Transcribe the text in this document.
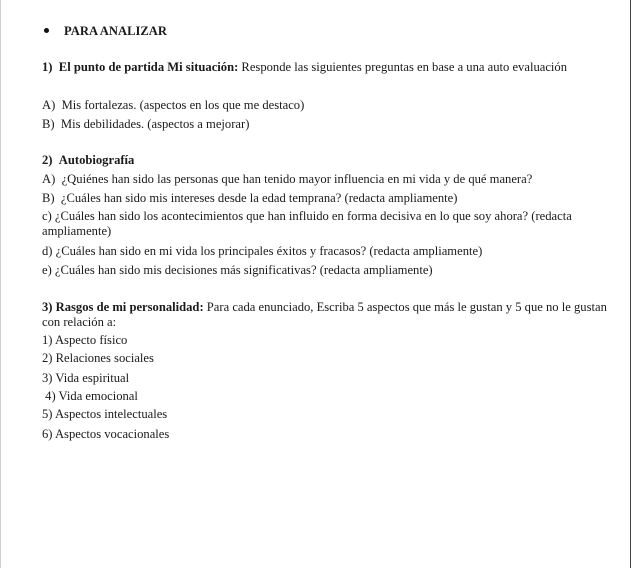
PARA ANALIZAR
1)  El punto de partida Mi situación: Responde las siguientes preguntas en base a una auto evaluación
A)  Mis fortalezas. (aspectos en los que me destaco)
B)  Mis debilidades. (aspectos a mejorar)
2)  Autobiografía
A)  ¿Quiénes han sido las personas que han tenido mayor influencia en mi vida y de qué manera?
B)  ¿Cuáles han sido mis intereses desde la edad temprana? (redacta ampliamente)
c) ¿Cuáles han sido los acontecimientos que han influido en forma decisiva en lo que soy ahora? (redacta
ampliamente)
d) ¿Cuáles han sido en mi vida los principales éxitos y fracasos? (redacta ampliamente)
e) ¿Cuáles han sido mis decisiones más significativas? (redacta ampliamente)
3) Rasgos de mi personalidad: Para cada enunciado, Escriba 5 aspectos que más le gustan y 5 que no le gustan
con relación a:
1) Aspecto físico
2) Relaciones sociales
3) Vida espiritual
4) Vida emocional
5) Aspectos intelectuales
6) Aspectos vocacionales
